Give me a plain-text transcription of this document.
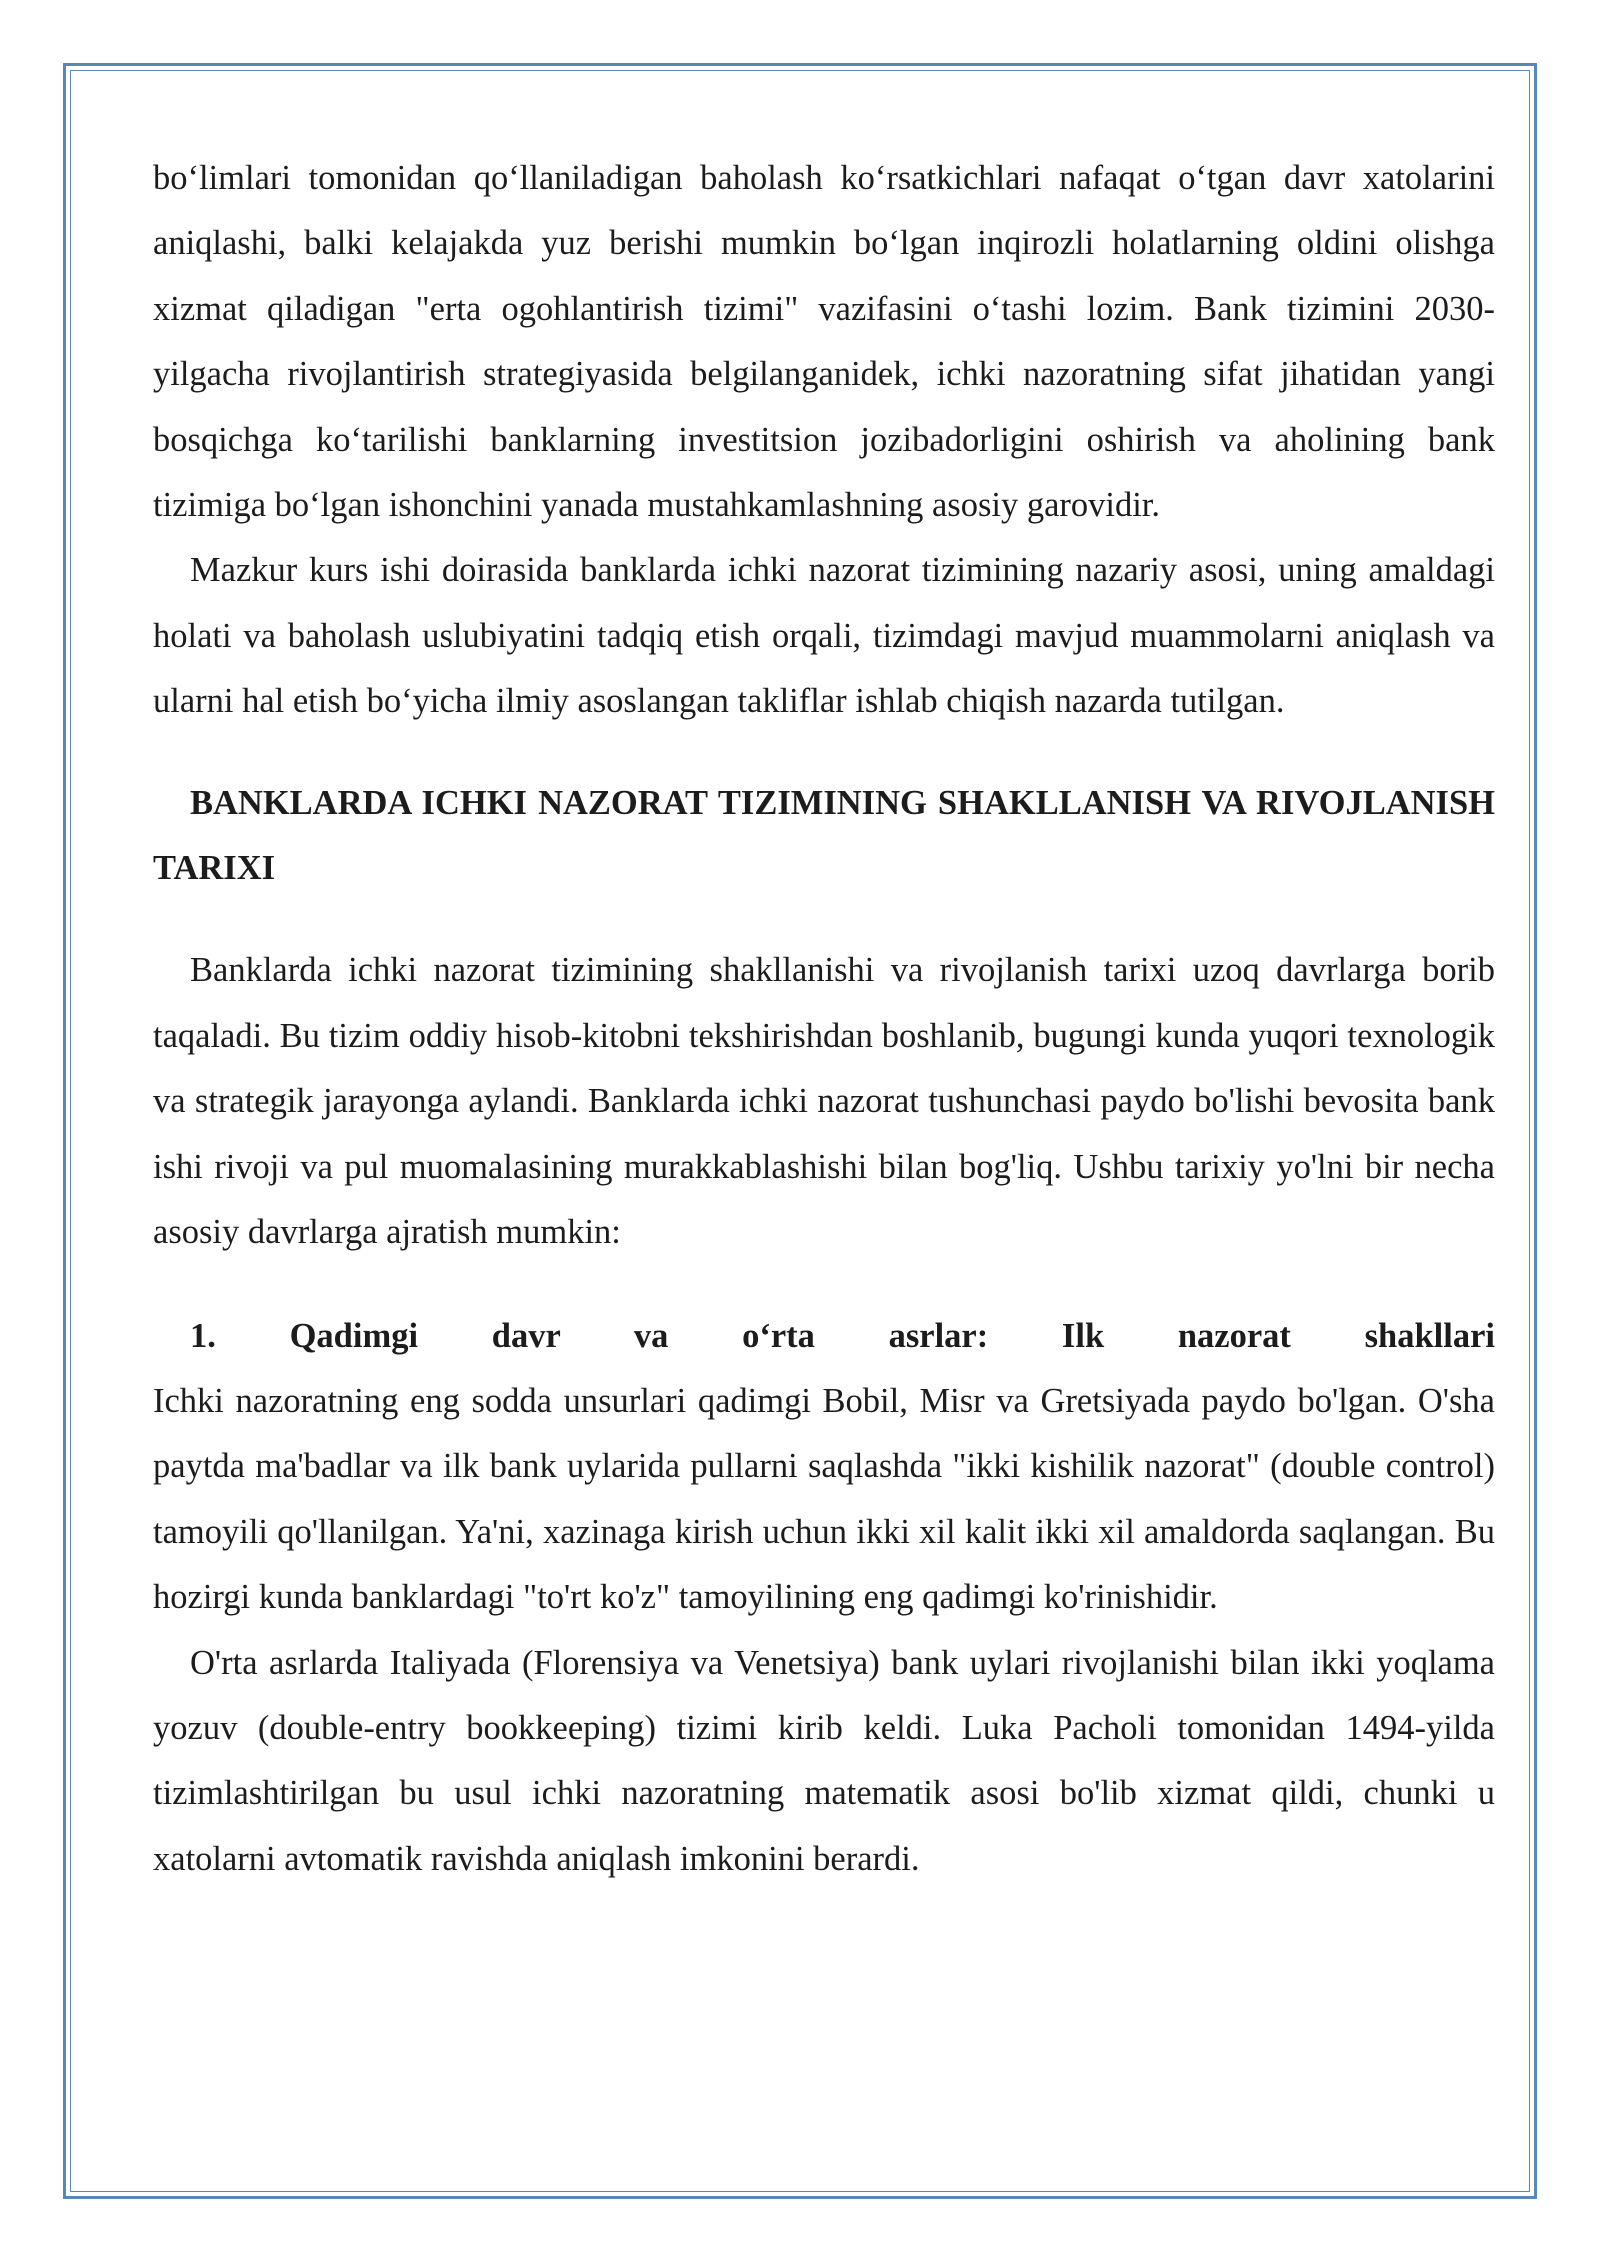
bo‘limlari tomonidan qo‘llaniladigan baholash ko‘rsatkichlari nafaqat o‘tgan davr xatolarini aniqlashi, balki kelajakda yuz berishi mumkin bo‘lgan inqirozli holatlarning oldini olishga xizmat qiladigan "erta ogohlantirish tizimi" vazifasini o‘tashi lozim. Bank tizimini 2030-yilgacha rivojlantirish strategiyasida belgilanganidek, ichki nazoratning sifat jihatidan yangi bosqichga ko‘tarilishi banklarning investitsion jozibadorligini oshirish va aholining bank tizimiga bo‘lgan ishonchini yanada mustahkamlashning asosiy garovidir.

Mazkur kurs ishi doirasida banklarda ichki nazorat tizimining nazariy asosi, uning amaldagi holati va baholash uslubiyatini tadqiq etish orqali, tizimdagi mavjud muammolarni aniqlash va ularni hal etish bo‘yicha ilmiy asoslangan takliflar ishlab chiqish nazarda tutilgan.

BANKLARDA ICHKI NAZORAT TIZIMINING SHAKLLANISH VA RIVOJLANISH TARIXI

Banklarda ichki nazorat tizimining shakllanishi va rivojlanish tarixi uzoq davrlarga borib taqaladi. Bu tizim oddiy hisob-kitobni tekshirishdan boshlanib, bugungi kunda yuqori texnologik va strategik jarayonga aylandi. Banklarda ichki nazorat tushunchasi paydo bo'lishi bevosita bank ishi rivoji va pul muomalasining murakkablashishi bilan bog'liq. Ushbu tarixiy yo'lni bir necha asosiy davrlarga ajratish mumkin:

1. Qadimgi davr va o‘rta asrlar: Ilk nazorat shakllari

Ichki nazoratning eng sodda unsurlari qadimgi Bobil, Misr va Gretsiyada paydo bo'lgan. O'sha paytda ma'badlar va ilk bank uylarida pullarni saqlashda "ikki kishilik nazorat" (double control) tamoyili qo'llanilgan. Ya'ni, xazinaga kirish uchun ikki xil kalit ikki xil amaldorda saqlangan. Bu hozirgi kunda banklardagi "to'rt ko'z" tamoyilining eng qadimgi ko'rinishidir.

O'rta asrlarda Italiyada (Florensiya va Venetsiya) bank uylari rivojlanishi bilan ikki yoqlama yozuv (double-entry bookkeeping) tizimi kirib keldi. Luka Pacholi tomonidan 1494-yilda tizimlashtirilgan bu usul ichki nazoratning matematik asosi bo'lib xizmat qildi, chunki u xatolarni avtomatik ravishda aniqlash imkonini berardi.
